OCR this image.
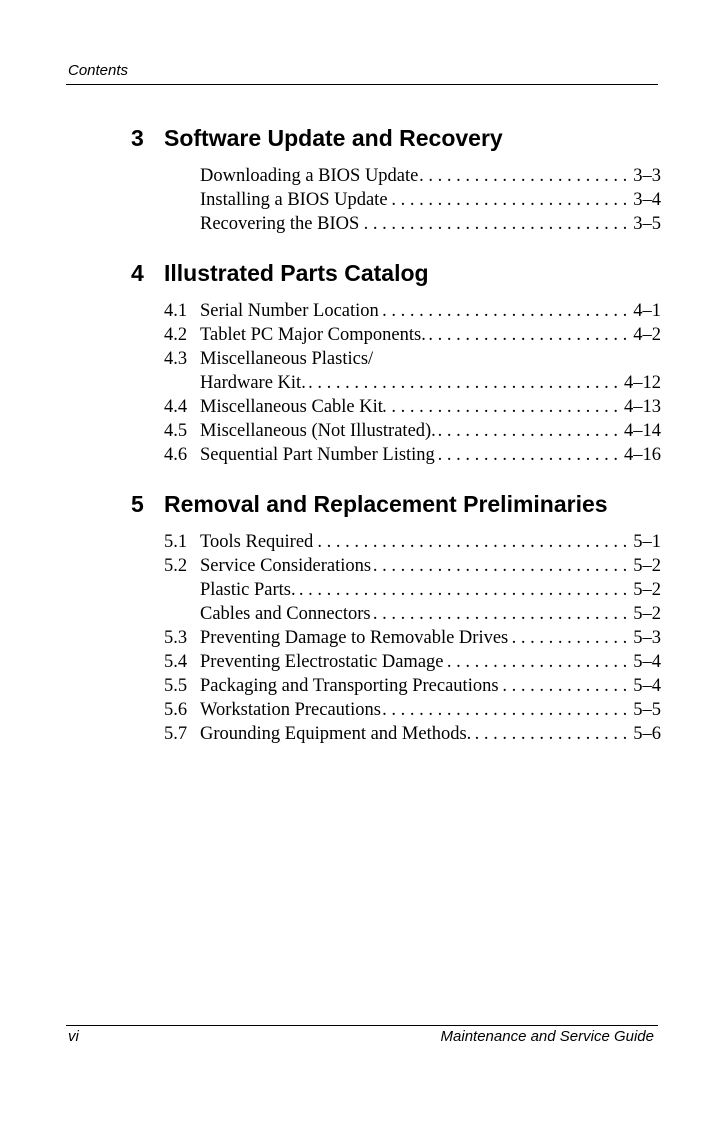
Contents
3 Software Update and Recovery
Downloading a BIOS Update . . .	3–3
Installing a BIOS Update . . .	3–4
Recovering the BIOS . . .	3–5
4 Illustrated Parts Catalog
4.1 Serial Number Location . . .	4–1
4.2 Tablet PC Major Components. . . .	4–2
4.3 Miscellaneous Plastics/
Hardware Kit. . . .	4–12
4.4 Miscellaneous Cable Kit . . .	4–13
4.5 Miscellaneous (Not Illustrated). . . .	4–14
4.6 Sequential Part Number Listing . . .	4–16
5 Removal and Replacement Preliminaries
5.1 Tools Required . . .	5–1
5.2 Service Considerations . . .	5–2
Plastic Parts. . . .	5–2
Cables and Connectors . . .	5–2
5.3 Preventing Damage to Removable Drives . . .	5–3
5.4 Preventing Electrostatic Damage . . .	5–4
5.5 Packaging and Transporting Precautions . . .	5–4
5.6 Workstation Precautions . . .	5–5
5.7 Grounding Equipment and Methods. . . .	5–6
vi	Maintenance and Service Guide
